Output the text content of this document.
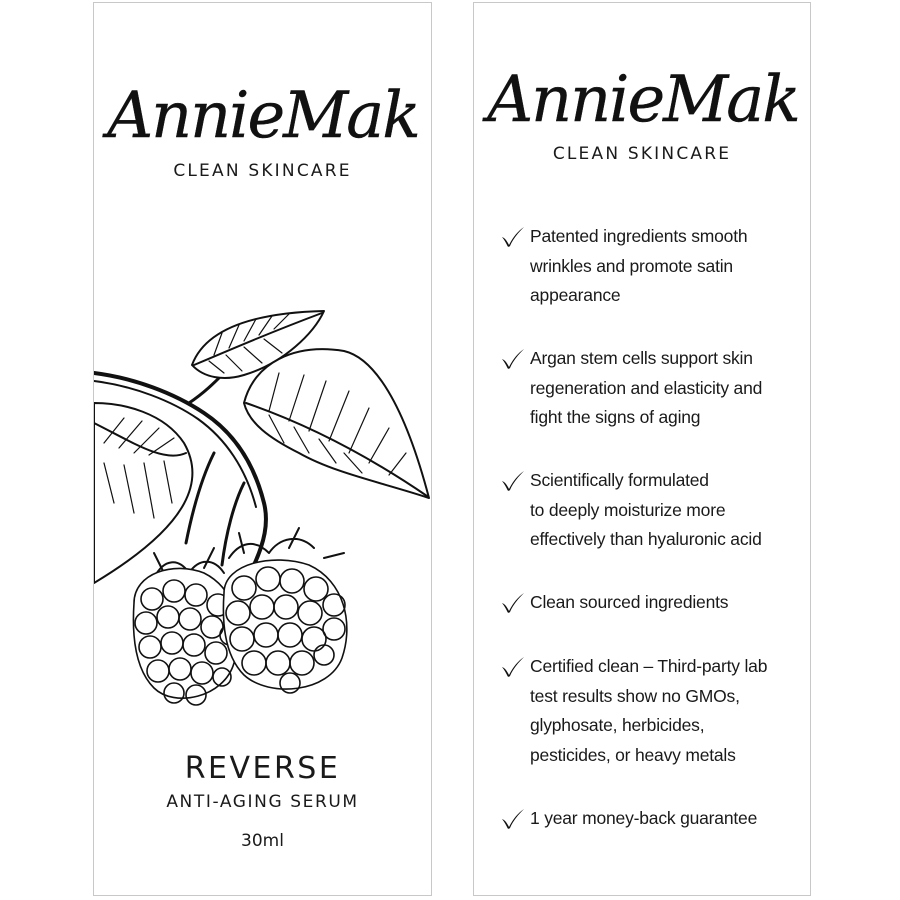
AnnieMak
CLEAN SKINCARE
REVERSE
ANTI-AGING SERUM
30ml
AnnieMak
CLEAN SKINCARE
Patented ingredients smooth
wrinkles and promote satin
appearance
Argan stem cells support skin
regeneration and elasticity and
fight the signs of aging
Scientifically formulated
to deeply moisturize more
effectively than hyaluronic acid
Clean sourced ingredients
Certified clean – Third-party lab
test results show no GMOs,
glyphosate, herbicides,
pesticides, or heavy metals
1 year money-back guarantee
